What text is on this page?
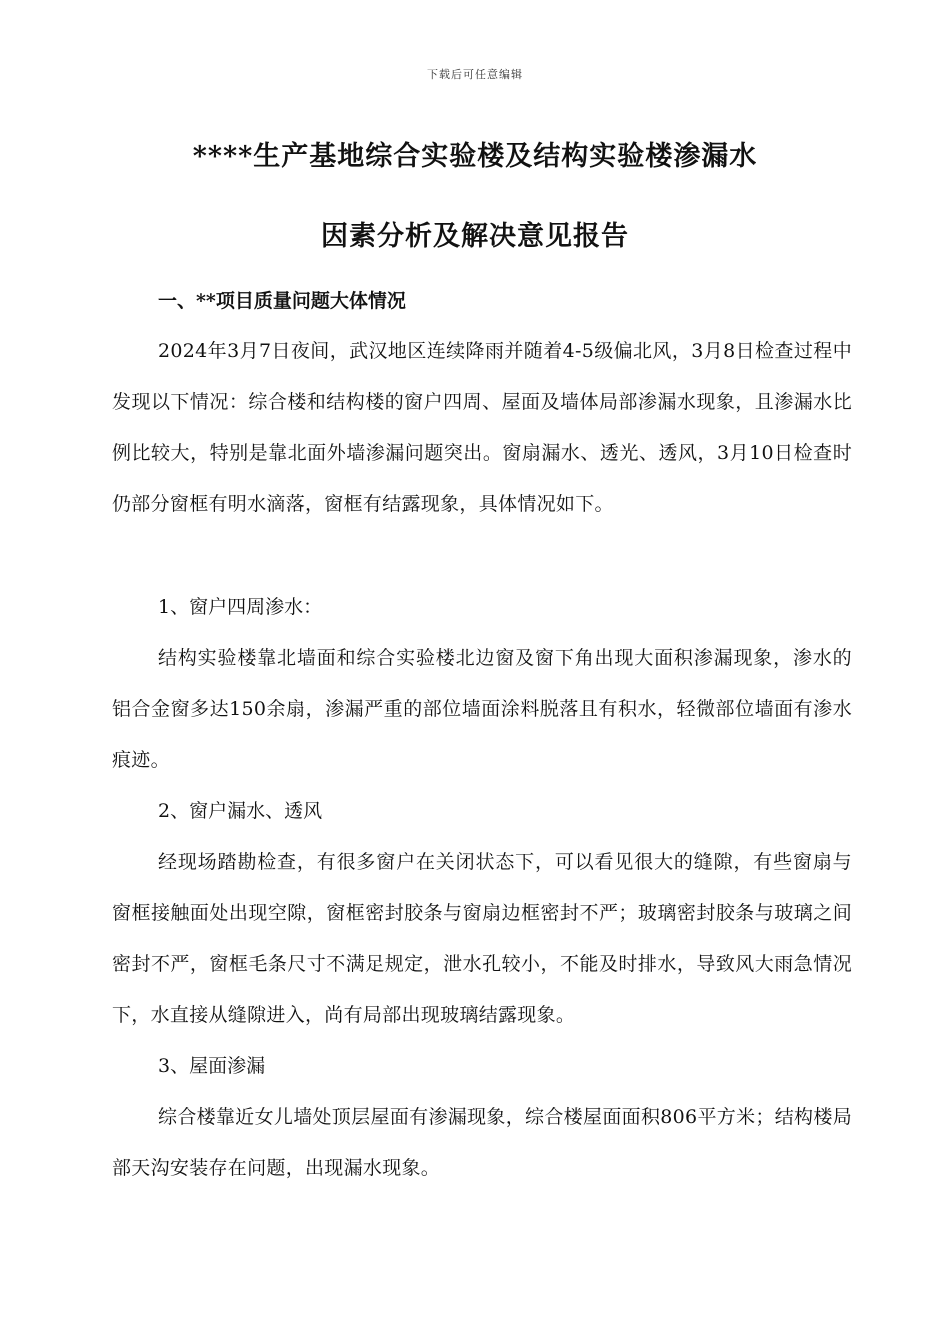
下载后可任意编辑
****生产基地综合实验楼及结构实验楼渗漏水
因素分析及解决意见报告
一、**项目质量问题大体情况
2024年3月7日夜间，武汉地区连续降雨并随着4-5级偏北风，3月8日检查过程中发现以下情况：综合楼和结构楼的窗户四周、屋面及墙体局部渗漏水现象，且渗漏水比例比较大，特别是靠北面外墙渗漏问题突出。窗扇漏水、透光、透风，3月10日检查时仍部分窗框有明水滴落，窗框有结露现象，具体情况如下。
1、窗户四周渗水：
结构实验楼靠北墙面和综合实验楼北边窗及窗下角出现大面积渗漏现象，渗水的铝合金窗多达150余扇，渗漏严重的部位墙面涂料脱落且有积水，轻微部位墙面有渗水痕迹。
2、窗户漏水、透风
经现场踏勘检查，有很多窗户在关闭状态下，可以看见很大的缝隙，有些窗扇与窗框接触面处出现空隙，窗框密封胶条与窗扇边框密封不严；玻璃密封胶条与玻璃之间密封不严，窗框毛条尺寸不满足规定，泄水孔较小，不能及时排水，导致风大雨急情况下，水直接从缝隙进入，尚有局部出现玻璃结露现象。
3、屋面渗漏
综合楼靠近女儿墙处顶层屋面有渗漏现象，综合楼屋面面积806平方米；结构楼局部天沟安装存在问题，出现漏水现象。
